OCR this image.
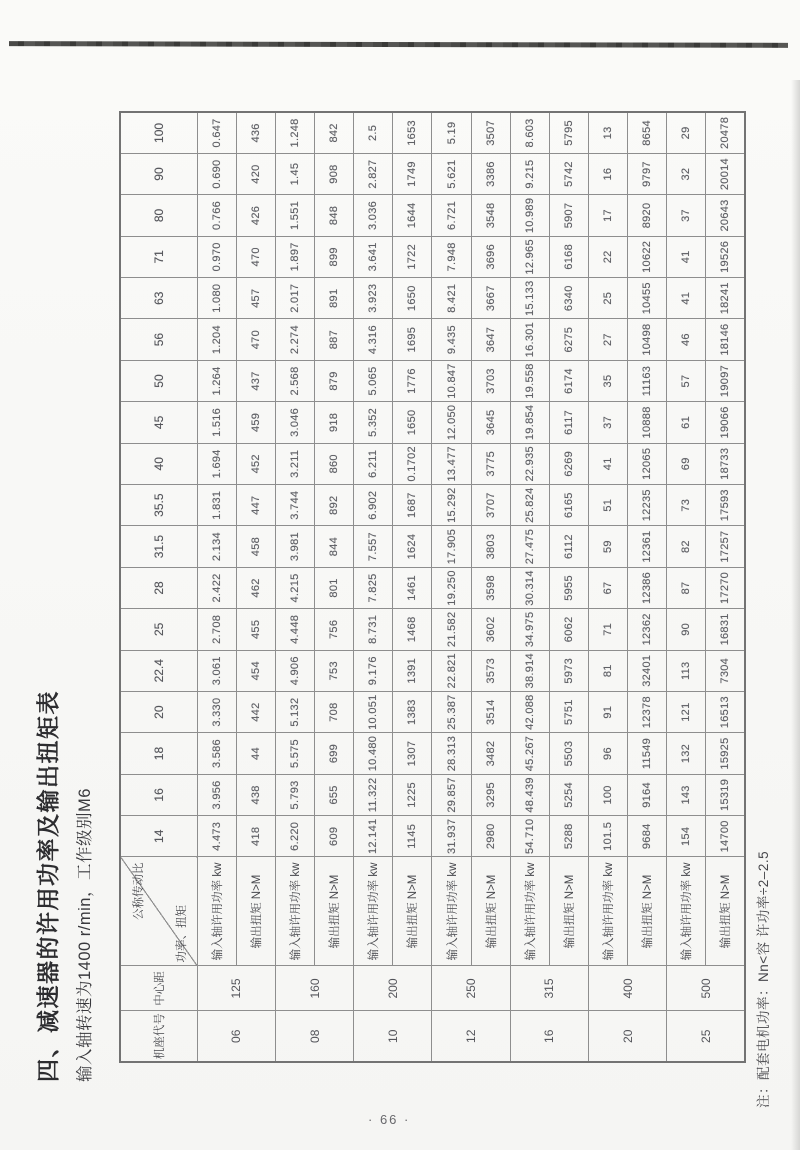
四、减速器的许用功率及输出扭矩表 输入轴转速为1400 r/min，工作级别M6	机座代号	中心距	公称传动比
功率、扭矩	14	16	18	20	22.4	25	28	31.5	35.5	40	45	50	56	63	71	80	90	100
06	125	输入轴许用功率 kw	4.473	3.956	3.586	3.330	3.061	2.708	2.422	2.134	1.831	1.694	1.516	1.264	1.204	1.080	0.970	0.766	0.690	0.647
		输出扭矩 N>M	418	438	44	442	454	455	462	458	447	452	459	437	470	457	470	426	420	436
08	160	输入轴许用功率 kw	6.220	5.793	5.575	5.132	4.906	4.448	4.215	3.981	3.744	3.211	3.046	2.568	2.274	2.017	1.897	1.551	1.45	1.248
		输出扭矩 N>M	609	655	699	708	753	756	801	844	892	860	918	879	887	891	899	848	908	842
10	200	输入轴许用功率 kw	12.141	11.322	10.480	10.051	9.176	8.731	7.825	7.557	6.902	6.211	5.352	5.065	4.316	3.923	3.641	3.036	2.827	2.5
		输出扭矩 N>M	1145	1225	1307	1383	1391	1468	1461	1624	1687	0.1702	1650	1776	1695	1650	1722	1644	1749	1653
12	250	输入轴许用功率 kw	31.937	29.857	28.313	25.387	22.821	21.582	19.250	17.905	15.292	13.477	12.050	10.847	9.435	8.421	7.948	6.721	5.621	5.19
		输出扭矩 N>M	2980	3295	3482	3514	3573	3602	3598	3803	3707	3775	3645	3703	3647	3667	3696	3548	3386	3507
16	315	输入轴许用功率 kw	54.710	48.439	45.267	42.088	38.914	34.975	30.314	27.475	25.824	22.935	19.854	19.558	16.301	15.133	12.965	10.989	9.215	8.603
		输出扭矩 N>M	5288	5254	5503	5751	5973	6062	5955	6112	6165	6269	6117	6174	6275	6340	6168	5907	5742	5795
20	400	输入轴许用功率 kw	101.5	100	96	91	81	71	67	59	51	41	37	35	27	25	22	17	16	13
		输出扭矩 N>M	9684	9164	11549	12378	32401	12362	12386	12361	12235	12065	10888	11163	10498	10455	10622	8920	9797	8654
25	500	输入轴许用功率 kw	154	143	132	121	113	90	87	82	73	69	61	57	46	41	41	37	32	29
		输出扭矩 N>M	14700	15319	15925	16513	7304	16831	17270	17257	17593	18733	19066	19097	18146	18241	19526	20643	20014	20478
注：配套电机功率：Nn<容 许功率÷2–2.5
· 66 ·
